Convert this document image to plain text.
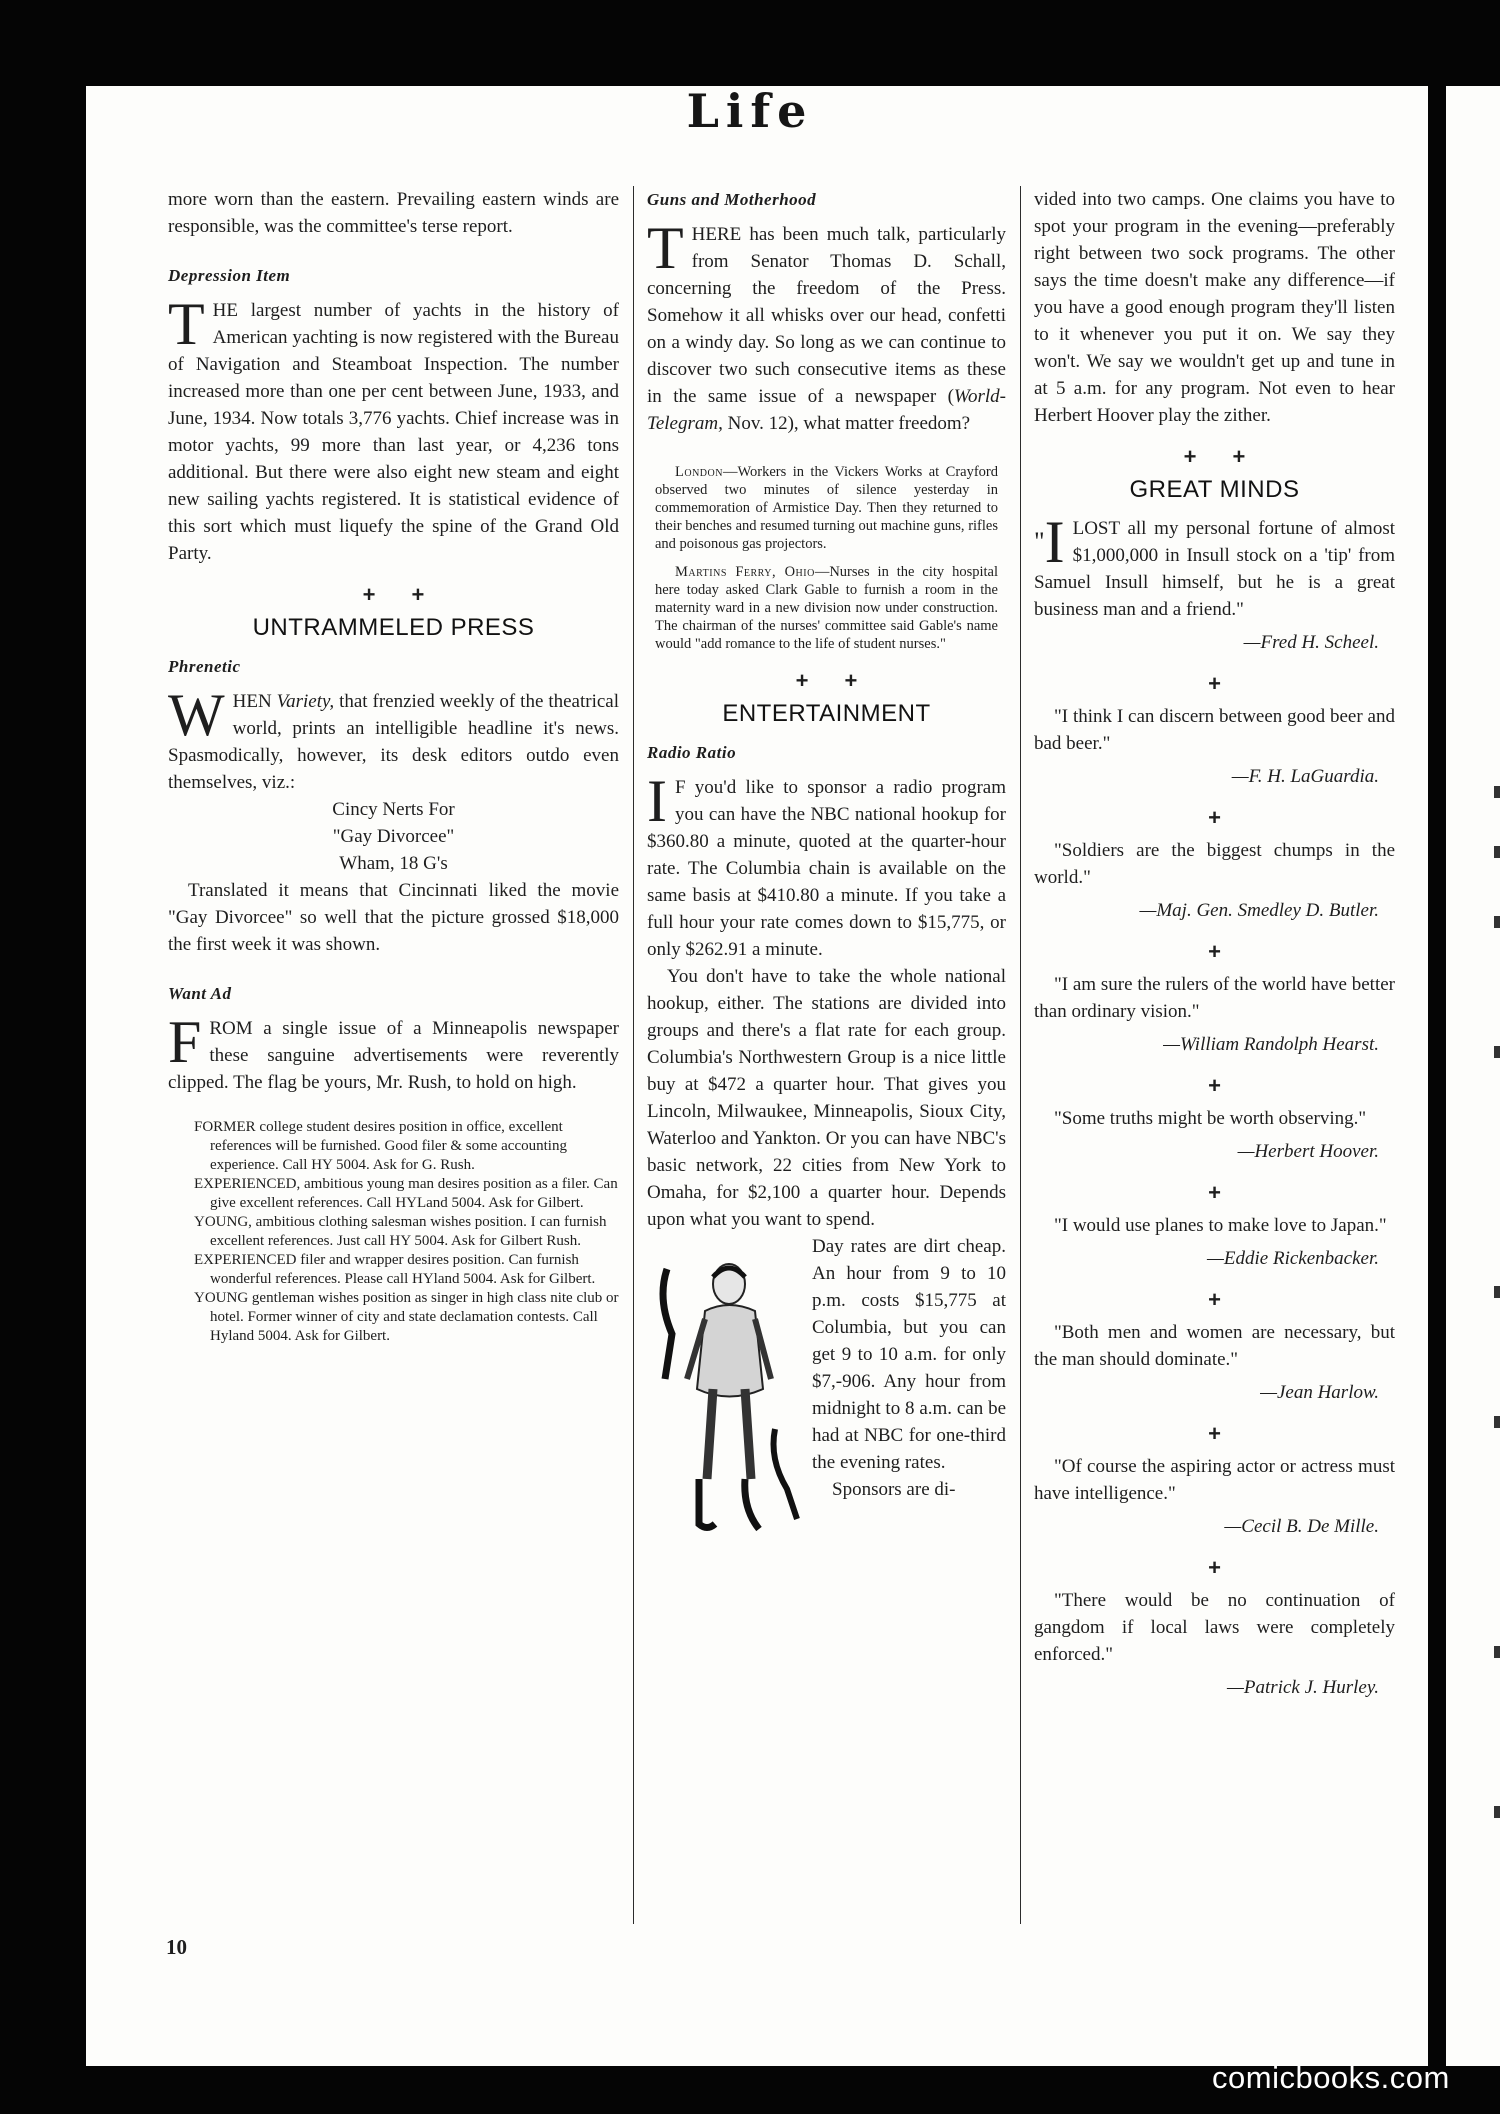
Life

more worn than the eastern. Prevailing eastern winds are responsible, was the committee's terse report.

Depression Item

THE largest number of yachts in the history of American yachting is now registered with the Bureau of Navigation and Steamboat Inspection. The number increased more than one per cent between June, 1933, and June, 1934. Now totals 3,776 yachts. Chief increase was in motor yachts, 99 more than last year, or 4,236 tons additional. But there were also eight new steam and eight new sailing yachts registered. It is statistical evidence of this sort which must liquefy the spine of the Grand Old Party.

+ +
UNTRAMMELED PRESS
Phrenetic

WHEN Variety, that frenzied weekly of the theatrical world, prints an intelligible headline it's news. Spasmodically, however, its desk editors outdo even themselves, viz.:

Cincy Nerts For

"Gay Divorcee"

Wham, 18 G's

Translated it means that Cincinnati liked the movie "Gay Divorcee" so well that the picture grossed $18,000 the first week it was shown.

Want Ad

FROM a single issue of a Minneapolis newspaper these sanguine advertisements were reverently clipped. The flag be yours, Mr. Rush, to hold on high.

FORMER college student desires position in office, excellent references will be furnished. Good filer & some accounting experience. Call HY 5004. Ask for G. Rush.

EXPERIENCED, ambitious young man desires position as a filer. Can give excellent references. Call HYLand 5004. Ask for Gilbert.

YOUNG, ambitious clothing salesman wishes position. I can furnish excellent references. Just call HY 5004. Ask for Gilbert Rush.

EXPERIENCED filer and wrapper desires position. Can furnish wonderful references. Please call HYland 5004. Ask for Gilbert.

YOUNG gentleman wishes position as singer in high class nite club or hotel. Former winner of city and state declamation contests. Call Hyland 5004. Ask for Gilbert.

Guns and Motherhood

THERE has been much talk, particularly from Senator Thomas D. Schall, concerning the freedom of the Press. Somehow it all whisks over our head, confetti on a windy day. So long as we can continue to discover two such consecutive items as these in the same issue of a newspaper (World-Telegram, Nov. 12), what matter freedom?

London—Workers in the Vickers Works at Crayford observed two minutes of silence yesterday in commemoration of Armistice Day. Then they returned to their benches and resumed turning out machine guns, rifles and poisonous gas projectors.

Martins Ferry, Ohio—Nurses in the city hospital here today asked Clark Gable to furnish a room in the maternity ward in a new division now under construction. The chairman of the nurses' committee said Gable's name would "add romance to the life of student nurses."

+ +
ENTERTAINMENT
Radio Ratio

I F you'd like to sponsor a radio program you can have the NBC national hookup for $360.80 a minute, quoted at the quarter-hour rate. The Columbia chain is available on the same basis at $410.80 a minute. If you take a full hour your rate comes down to $15,775, or only $262.91 a minute.

You don't have to take the whole national hookup, either. The stations are divided into groups and there's a flat rate for each group. Columbia's Northwestern Group is a nice little buy at $472 a quarter hour. That gives you Lincoln, Milwaukee, Minneapolis, Sioux City, Waterloo and Yankton. Or you can have NBC's basic network, 22 cities from New York to Omaha, for $2,100 a quarter hour. Depends upon what you want to spend.

Day rates are dirt cheap. An hour from 9 to 10 p.m. costs $15,775 at Columbia, but you can get 9 to 10 a.m. for only $7,-906. Any hour from midnight to 8 a.m. can be had at NBC for one-third the evening rates.

Sponsors are di-

vided into two camps. One claims you have to spot your program in the evening—preferably right between two sock programs. The other says the time doesn't make any difference—if you have a good enough program they'll listen to it whenever you put it on. We say they won't. We say we wouldn't get up and tune in at 5 a.m. for any program. Not even to hear Herbert Hoover play the zither.

+ +
GREAT MINDS

"I LOST all my personal fortune of almost $1,000,000 in Insull stock on a 'tip' from Samuel Insull himself, but he is a great business man and a friend."

—Fred H. Scheel.
+

"I think I can discern between good beer and bad beer."

—F. H. LaGuardia.
+

"Soldiers are the biggest chumps in the world."

—Maj. Gen. Smedley D. Butler.
+

"I am sure the rulers of the world have better than ordinary vision."

—William Randolph Hearst.
+

"Some truths might be worth observing."

—Herbert Hoover.
+

"I would use planes to make love to Japan."

—Eddie Rickenbacker.
+

"Both men and women are necessary, but the man should dominate."

—Jean Harlow.
+

"Of course the aspiring actor or actress must have intelligence."

—Cecil B. De Mille.
+

"There would be no continuation of gangdom if local laws were completely enforced."

—Patrick J. Hurley.
10
comicbooks.com
